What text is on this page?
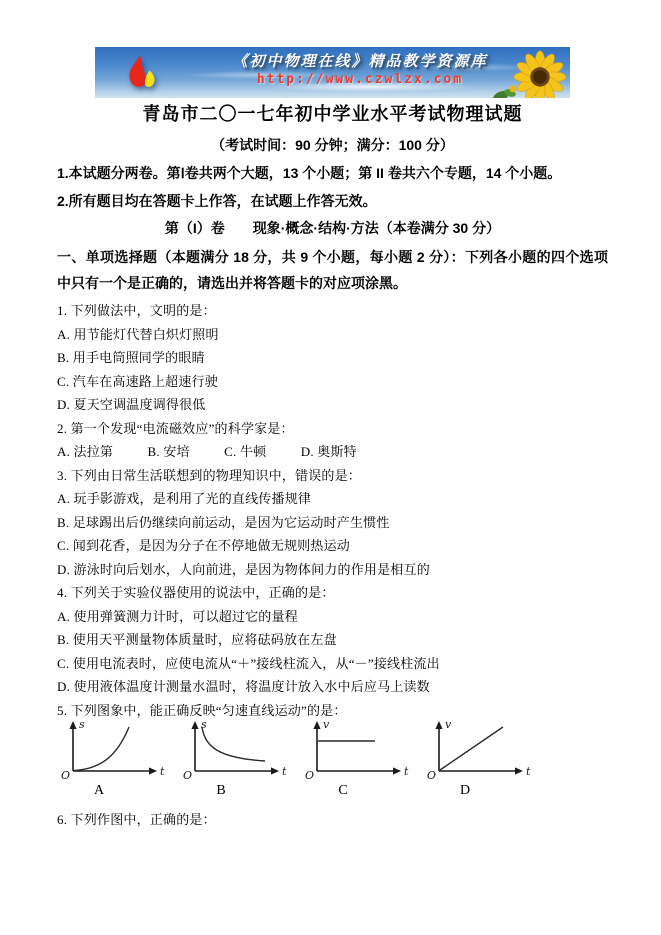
《初中物理在线》精品教学资源库
http://www.czwlzx.com
青岛市二〇一七年初中学业水平考试物理试题
（考试时间：90 分钟；满分：100 分）
1.本试题分两卷。第Ⅰ卷共两个大题，13 个小题；第 II 卷共六个专题，14 个小题。
2.所有题目均在答题卡上作答，在试题上作答无效。
第（I）卷　　现象·概念·结构·方法（本卷满分 30 分）
一、单项选择题（本题满分 18 分，共 9 个小题，每小题 2 分）：下列各小题的四个选项中只有一个是正确的，请选出并将答题卡的对应项涂黑。
1. 下列做法中，文明的是：
A. 用节能灯代替白炽灯照明
B. 用手电筒照同学的眼睛
C. 汽车在高速路上超速行驶
D. 夏天空调温度调得很低
2. 第一个发现“电流磁效应”的科学家是：
A. 法拉第	B. 安培	C. 牛顿	D. 奥斯特
3. 下列由日常生活联想到的物理知识中，错误的是：
A. 玩手影游戏，是利用了光的直线传播规律
B. 足球踢出后仍继续向前运动，是因为它运动时产生惯性
C. 闻到花香，是因为分子在不停地做无规则热运动
D. 游泳时向后划水，人向前进，是因为物体间力的作用是相互的
4. 下列关于实验仪器使用的说法中，正确的是：
A. 使用弹簧测力计时，可以超过它的量程
B. 使用天平测量物体质量时，应将砝码放在左盘
C. 使用电流表时，应使电流从“＋”接线柱流入，从“－”接线柱流出
D. 使用液体温度计测量水温时，将温度计放入水中后应马上读数
5. 下列图象中，能正确反映“匀速直线运动”的是：
O
s
t
A
O
s
t
B
O
v
t
C
O
v
t
D
6. 下列作图中，正确的是：
